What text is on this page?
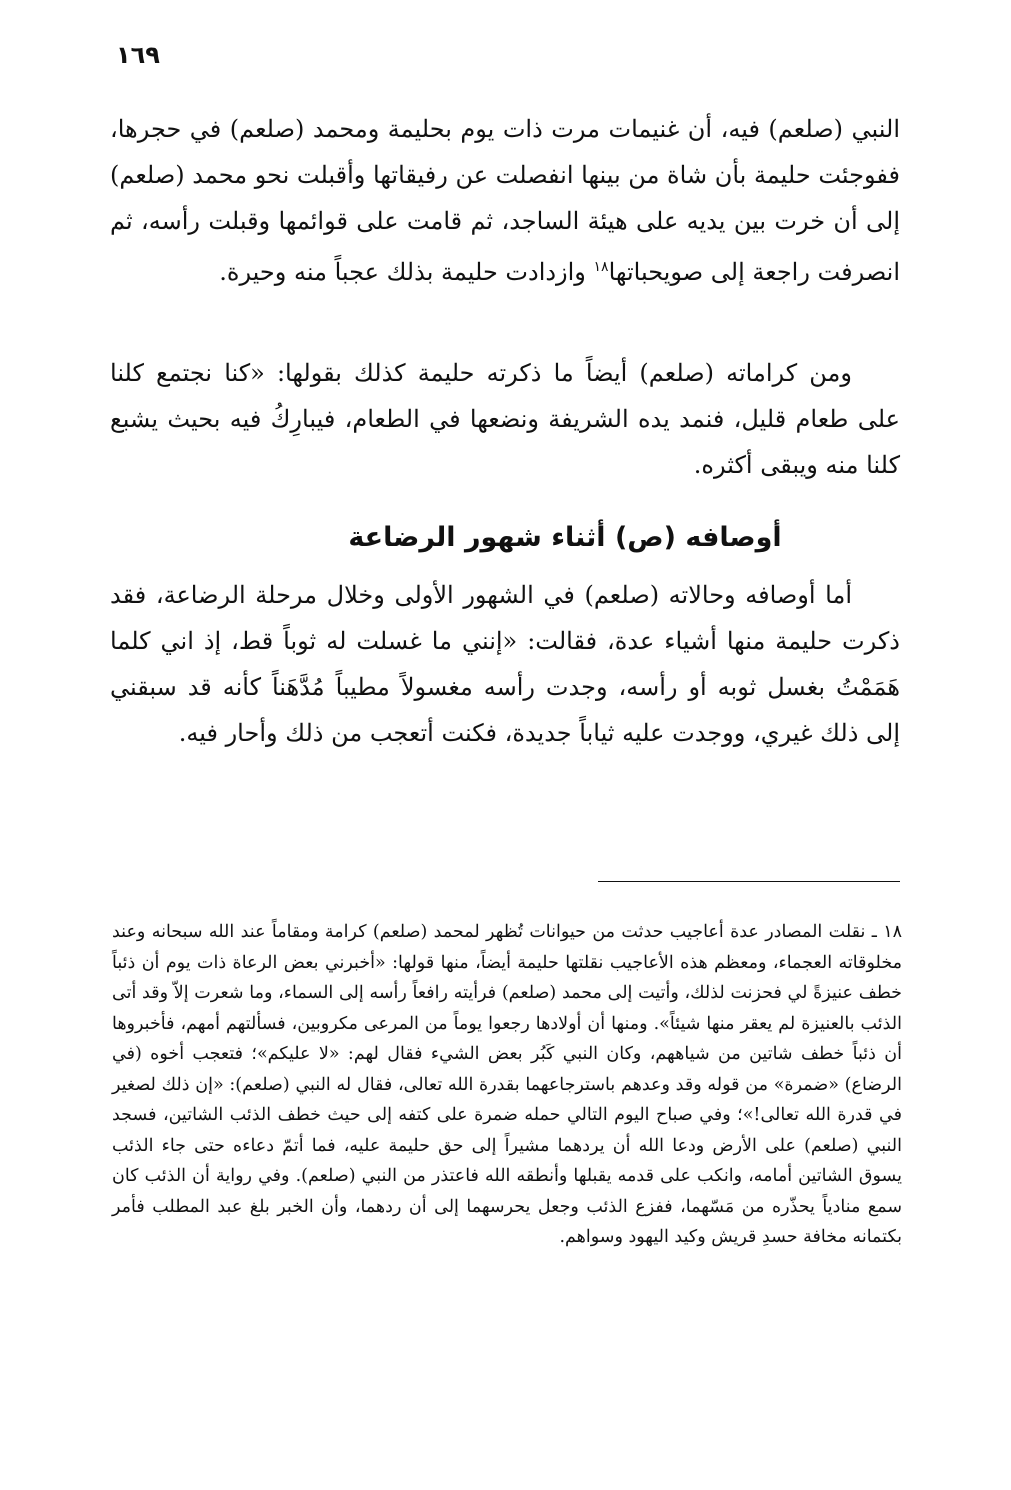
١٦٩

النبي (صلعم) فيه، أن غنيمات مرت ذات يوم بحليمة ومحمد (صلعم) في حجرها، ففوجئت حليمة بأن شاة من بينها انفصلت عن رفيقاتها وأقبلت نحو محمد (صلعم) إلى أن خرت بين يديه على هيئة الساجد، ثم قامت على قوائمها وقبلت رأسه، ثم انصرفت راجعة إلى صويحباتها$^{١٨}$ وازدادت حليمة بذلك عجباً منه وحيرة.

ومن كراماته (صلعم) أيضاً ما ذكرته حليمة كذلك بقولها: «كنا نجتمع كلنا على طعام قليل، فنمد يده الشريفة ونضعها في الطعام، فيبارِكُ فيه بحيث يشبع كلنا منه ويبقى أكثره.

أوصافه (ص) أثناء شهور الرضاعة

أما أوصافه وحالاته (صلعم) في الشهور الأولى وخلال مرحلة الرضاعة، فقد ذكرت حليمة منها أشياء عدة، فقالت: «إنني ما غسلت له ثوباً قط، إذ اني كلما هَمَمْتُ بغسل ثوبه أو رأسه، وجدت رأسه مغسولاً مطيباً مُدَّهَناً كأنه قد سبقني إلى ذلك غيري، ووجدت عليه ثياباً جديدة، فكنت أتعجب من ذلك وأحار فيه.

١٨ ـ نقلت المصادر عدة أعاجيب حدثت من حيوانات تُظهر لمحمد (صلعم) كرامة ومقاماً عند الله سبحانه وعند مخلوقاته العجماء، ومعظم هذه الأعاجيب نقلتها حليمة أيضاً، منها قولها: «أخبرني بعض الرعاة ذات يوم أن ذئباً خطف عنيزةً لي فحزنت لذلك، وأتيت إلى محمد (صلعم) فرأيته رافعاً رأسه إلى السماء، وما شعرت إلاّ وقد أتى الذئب بالعنيزة لم يعقر منها شيئاً». ومنها أن أولادها رجعوا يوماً من المرعى مكروبين، فسألتهم أمهم، فأخبروها أن ذئباً خطف شاتين من شياههم، وكان النبي كَبُر بعض الشيء فقال لهم: «لا عليكم»؛ فتعجب أخوه (في الرضاع) «ضمرة» من قوله وقد وعدهم باسترجاعهما بقدرة الله تعالى، فقال له النبي (صلعم): «إن ذلك لصغير في قدرة الله تعالى!»؛ وفي صباح اليوم التالي حمله ضمرة على كتفه إلى حيث خطف الذئب الشاتين، فسجد النبي (صلعم) على الأرض ودعا الله أن يردهما مشيراً إلى حق حليمة عليه، فما أتمّ دعاءه حتى جاء الذئب يسوق الشاتين أمامه، وانكب على قدمه يقبلها وأنطقه الله فاعتذر من النبي (صلعم). وفي رواية أن الذئب كان سمع منادياً يحذّره من مَسّهما، ففزع الذئب وجعل يحرسهما إلى أن ردهما، وأن الخبر بلغ عبد المطلب فأمر بكتمانه مخافة حسدِ قريش وكيد اليهود وسواهم.
